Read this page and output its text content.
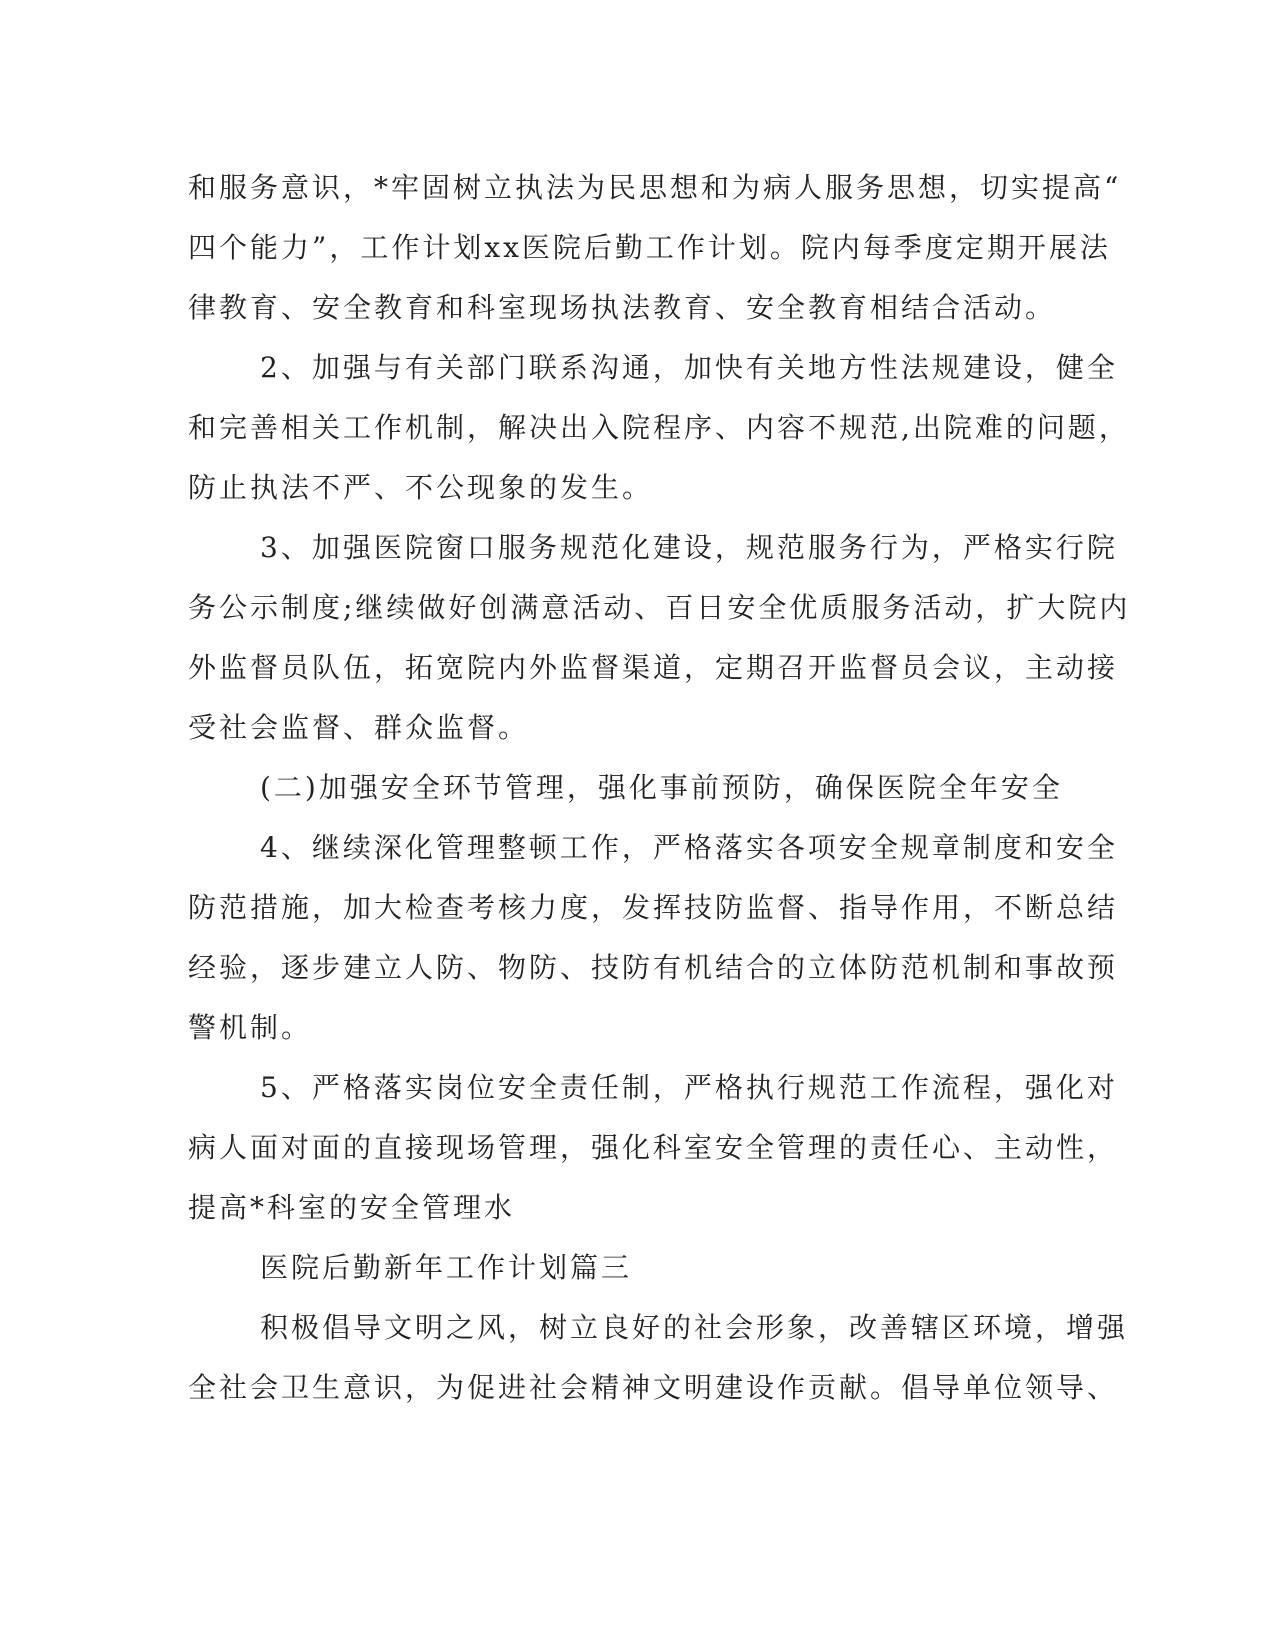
和服务意识，*牢固树立执法为民思想和为病人服务思想，切实提高“
四个能力”，工作计划xx医院后勤工作计划。院内每季度定期开展法
律教育、安全教育和科室现场执法教育、安全教育相结合活动。
2、加强与有关部门联系沟通，加快有关地方性法规建设，健全
和完善相关工作机制，解决出入院程序、内容不规范,出院难的问题，
防止执法不严、不公现象的发生。
3、加强医院窗口服务规范化建设，规范服务行为，严格实行院
务公示制度;继续做好创满意活动、百日安全优质服务活动，扩大院内
外监督员队伍，拓宽院内外监督渠道，定期召开监督员会议，主动接
受社会监督、群众监督。
(二)加强安全环节管理，强化事前预防，确保医院全年安全
4、继续深化管理整顿工作，严格落实各项安全规章制度和安全
防范措施，加大检查考核力度，发挥技防监督、指导作用，不断总结
经验，逐步建立人防、物防、技防有机结合的立体防范机制和事故预
警机制。
5、严格落实岗位安全责任制，严格执行规范工作流程，强化对
病人面对面的直接现场管理，强化科室安全管理的责任心、主动性，
提高*科室的安全管理水
医院后勤新年工作计划篇三
积极倡导文明之风，树立良好的社会形象，改善辖区环境，增强
全社会卫生意识，为促进社会精神文明建设作贡献。倡导单位领导、
